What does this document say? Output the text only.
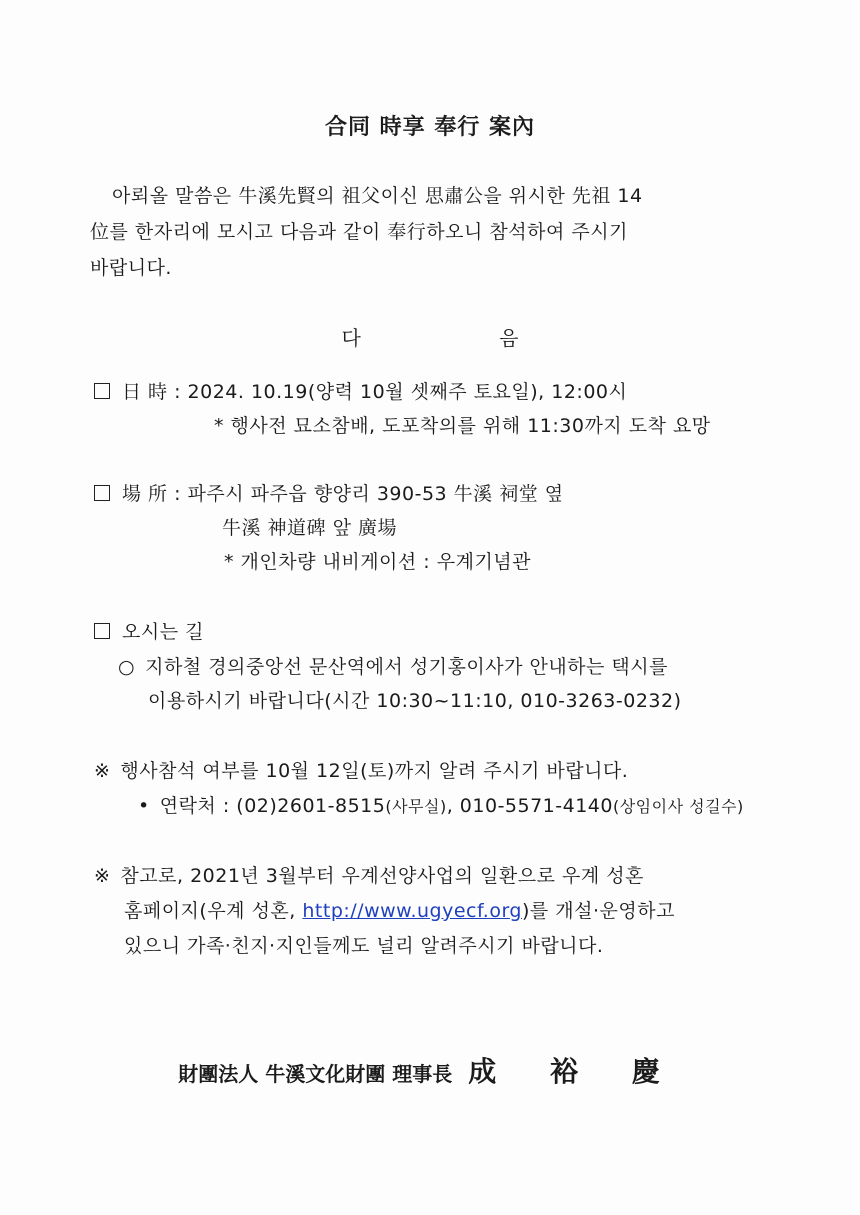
合同 時享 奉行 案內
아뢰올 말씀은 牛溪先賢의 祖父이신 思肅公을 위시한 先祖 14
位를 한자리에 모시고 다음과 같이 奉行하오니 참석하여 주시기
바랍니다.
다 음
日 時 : 2024. 10.19(양력 10월 셋째주 토요일), 12:00시
* 행사전 묘소참배, 도포착의를 위해 11:30까지 도착 요망
場 所 : 파주시 파주읍 향양리 390-53 牛溪 祠堂 옆
牛溪 神道碑 앞 廣場
* 개인차량 내비게이션 : 우계기념관
오시는 길
○ 지하철 경의중앙선 문산역에서 성기홍이사가 안내하는 택시를
이용하시기 바랍니다(시간 10:30~11:10, 010-3263-0232)
※ 행사참석 여부를 10월 12일(토)까지 알려 주시기 바랍니다.
• 연락처 : (02)2601-8515(사무실), 010-5571-4140(상임이사 성길수)
※ 참고로, 2021년 3월부터 우계선양사업의 일환으로 우계 성혼
홈페이지(우계 성혼, http://www.ugyecf.org)를 개설·운영하고
있으니 가족·친지·지인들께도 널리 알려주시기 바랍니다.
財團法人 牛溪文化財團 理事長 成 裕 慶
